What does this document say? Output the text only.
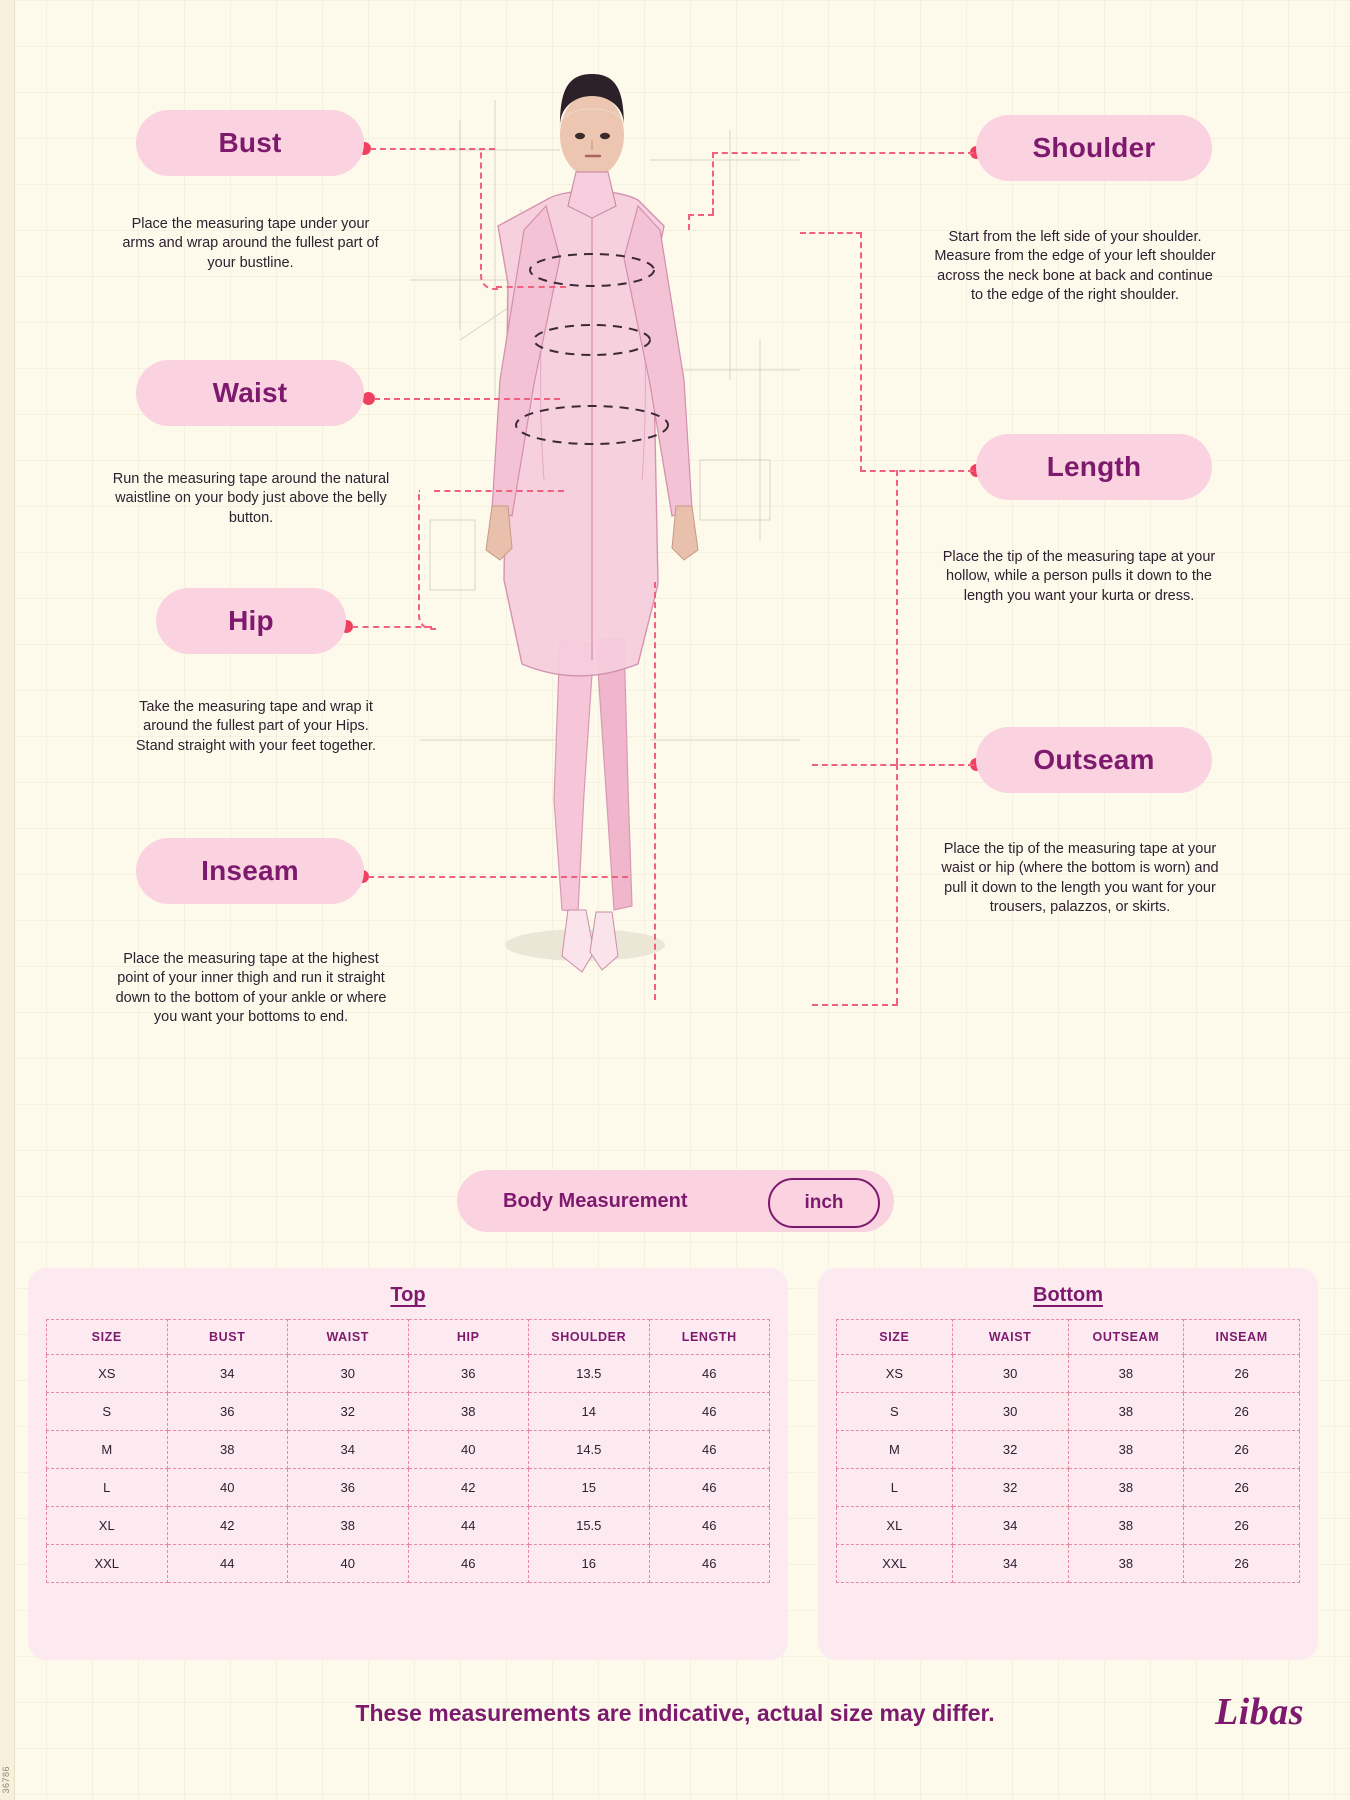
36786
Bust
Place the measuring tape under your arms and wrap around the fullest part of your bustline.
Waist
Run the measuring tape around the natural waistline on your body just above the belly button.
Hip
Take the measuring tape and wrap it around the fullest part of your Hips. Stand straight with your feet together.
Inseam
Place the measuring tape at the highest point of your inner thigh and run it straight down to the bottom of your ankle or where you want your bottoms to end.
Shoulder
Start from the left side of your shoulder. Measure from the edge of your left shoulder across the neck bone at back and continue to the edge of the right shoulder.
Length
Place the tip of the measuring tape at your hollow, while a person pulls it down to the length you want your kurta or dress.
Outseam
Place the tip of the measuring tape at your waist or hip (where the bottom is worn) and pull it down to the length you want for your trousers, palazzos, or skirts.
Body Measurement	inch
Top
SIZE	BUST	WAIST	HIP	SHOULDER	LENGTH
XS	34	30	36	13.5	46
S	36	32	38	14	46
M	38	34	40	14.5	46
L	40	36	42	15	46
XL	42	38	44	15.5	46
XXL	44	40	46	16	46
Bottom
SIZE	WAIST	OUTSEAM	INSEAM
XS	30	38	26
S	30	38	26
M	32	38	26
L	32	38	26
XL	34	38	26
XXL	34	38	26
These measurements are indicative, actual size may differ.	Libas
